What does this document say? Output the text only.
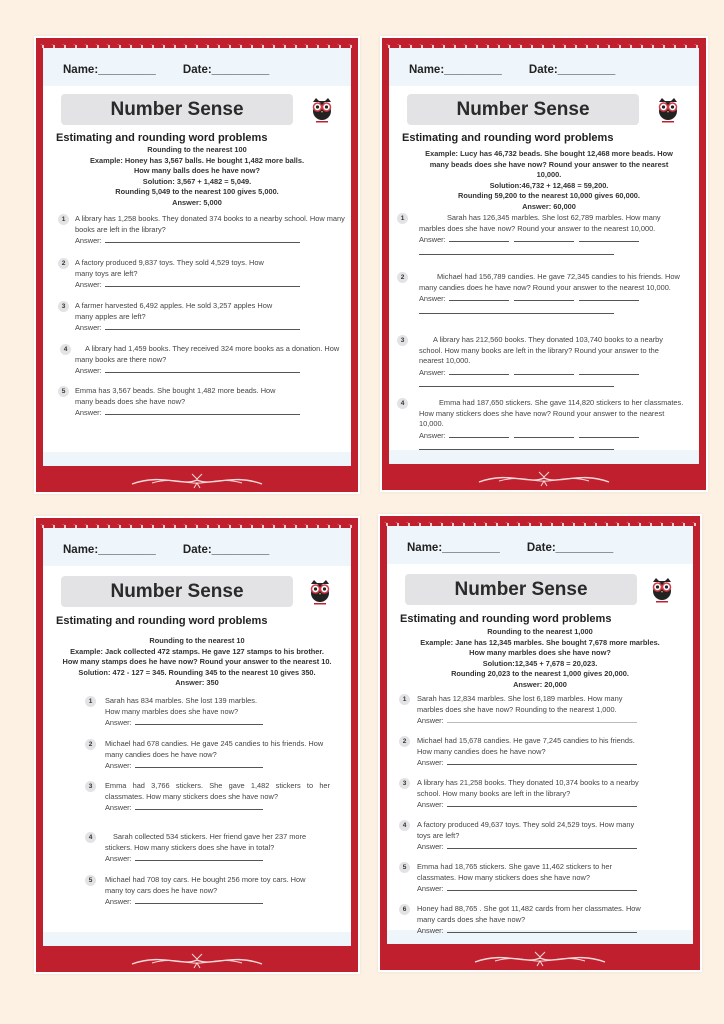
Name:_________ Date:_________
Number Sense
Estimating and rounding word problems
Rounding to the nearest 100
Example: Honey has 3,567 balls. He bought 1,482 more balls.
How many balls does he have now?
Solution: 3,567 + 1,482 = 5,049.
Rounding 5,049 to the nearest 100 gives 5,000.
Answer: 5,000
1	A library has 1,258 books. They donated 374 books to a nearby school. How many books are left in the library?
Answer:
2	A factory produced 9,837 toys. They sold 4,529 toys. How many toys are left?
Answer:
3	A farmer harvested 6,492 apples. He sold 3,257 apples How many apples are left?
Answer:
4	A library had 1,459 books. They received 324 more books as a donation. How many books are there now?
Answer:
5	Emma has 3,567 beads. She bought 1,482 more beads. How many beads does she have now?
Answer:
Name:_________ Date:_________
Number Sense
Estimating and rounding word problems
Example: Lucy has 46,732 beads. She bought 12,468 more beads. How many beads does she have now? Round your answer to the nearest 10,000.
Solution:46,732 + 12,468 = 59,200.
Rounding 59,200 to the nearest 10,000 gives 60,000.
Answer: 60,000
1	Sarah has 126,345 marbles. She lost 62,789 marbles. How many marbles does she have now? Round your answer to the nearest 10,000.
Answer:
2	Michael had 156,789 candies. He gave 72,345 candies to his friends. How many candies does he have now? Round your answer to the nearest 10,000.
Answer:
3	A library has 212,560 books. They donated 103,740 books to a nearby school. How many books are left in the library? Round your answer to the nearest 10,000.
Answer:
4	Emma had 187,650 stickers. She gave 114,820 stickers to her classmates. How many stickers does she have now? Round your answer to the nearest 10,000.
Answer:
Name:_________ Date:_________
Number Sense
Estimating and rounding word problems
Rounding to the nearest 10
Example: Jack collected 472 stamps. He gave 127 stamps to his brother.
How many stamps does he have now? Round your answer to the nearest 10.
Solution: 472 - 127 = 345. Rounding 345 to the nearest 10 gives 350.
Answer: 350
1	Sarah has 834 marbles. She lost 139 marbles. How many marbles does she have now?
Answer:
2	Michael had 678 candies. He gave 245 candies to his friends. How many candies does he have now?
Answer:
3	Emma had 3,766 stickers. She gave 1,482 stickers to her classmates. How many stickers does she have now?
Answer:
4	Sarah collected 534 stickers. Her friend gave her 237 more stickers. How many stickers does she have in total?
Answer:
5	Michael had 708 toy cars. He bought 256 more toy cars. How many toy cars does he have now?
Answer:
Name:_________ Date:_________
Number Sense
Estimating and rounding word problems
Rounding to the nearest 1,000
Example: Jane has 12,345 marbles. She bought 7,678 more marbles.
How many marbles does she have now?
Solution:12,345 + 7,678 = 20,023.
Rounding 20,023 to the nearest 1,000 gives 20,000.
Answer: 20,000
1	Sarah has 12,834 marbles. She lost 6,189 marbles. How many marbles does she have now? Rounding to the nearest 1,000.
Answer:
2	Michael had 15,678 candies. He gave 7,245 candies to his friends. How many candies does he have now?
Answer:
3	A library has 21,258 books. They donated 10,374 books to a nearby school. How many books are left in the library?
Answer:
4	A factory produced 49,637 toys. They sold 24,529 toys. How many toys are left?
Answer:
5	Emma had 18,765 stickers. She gave 11,462 stickers to her classmates. How many stickers does she have now?
Answer:
6	Honey had 88,765 . She got 11,482 cards from her classmates. How many cards does she have now?
Answer:
